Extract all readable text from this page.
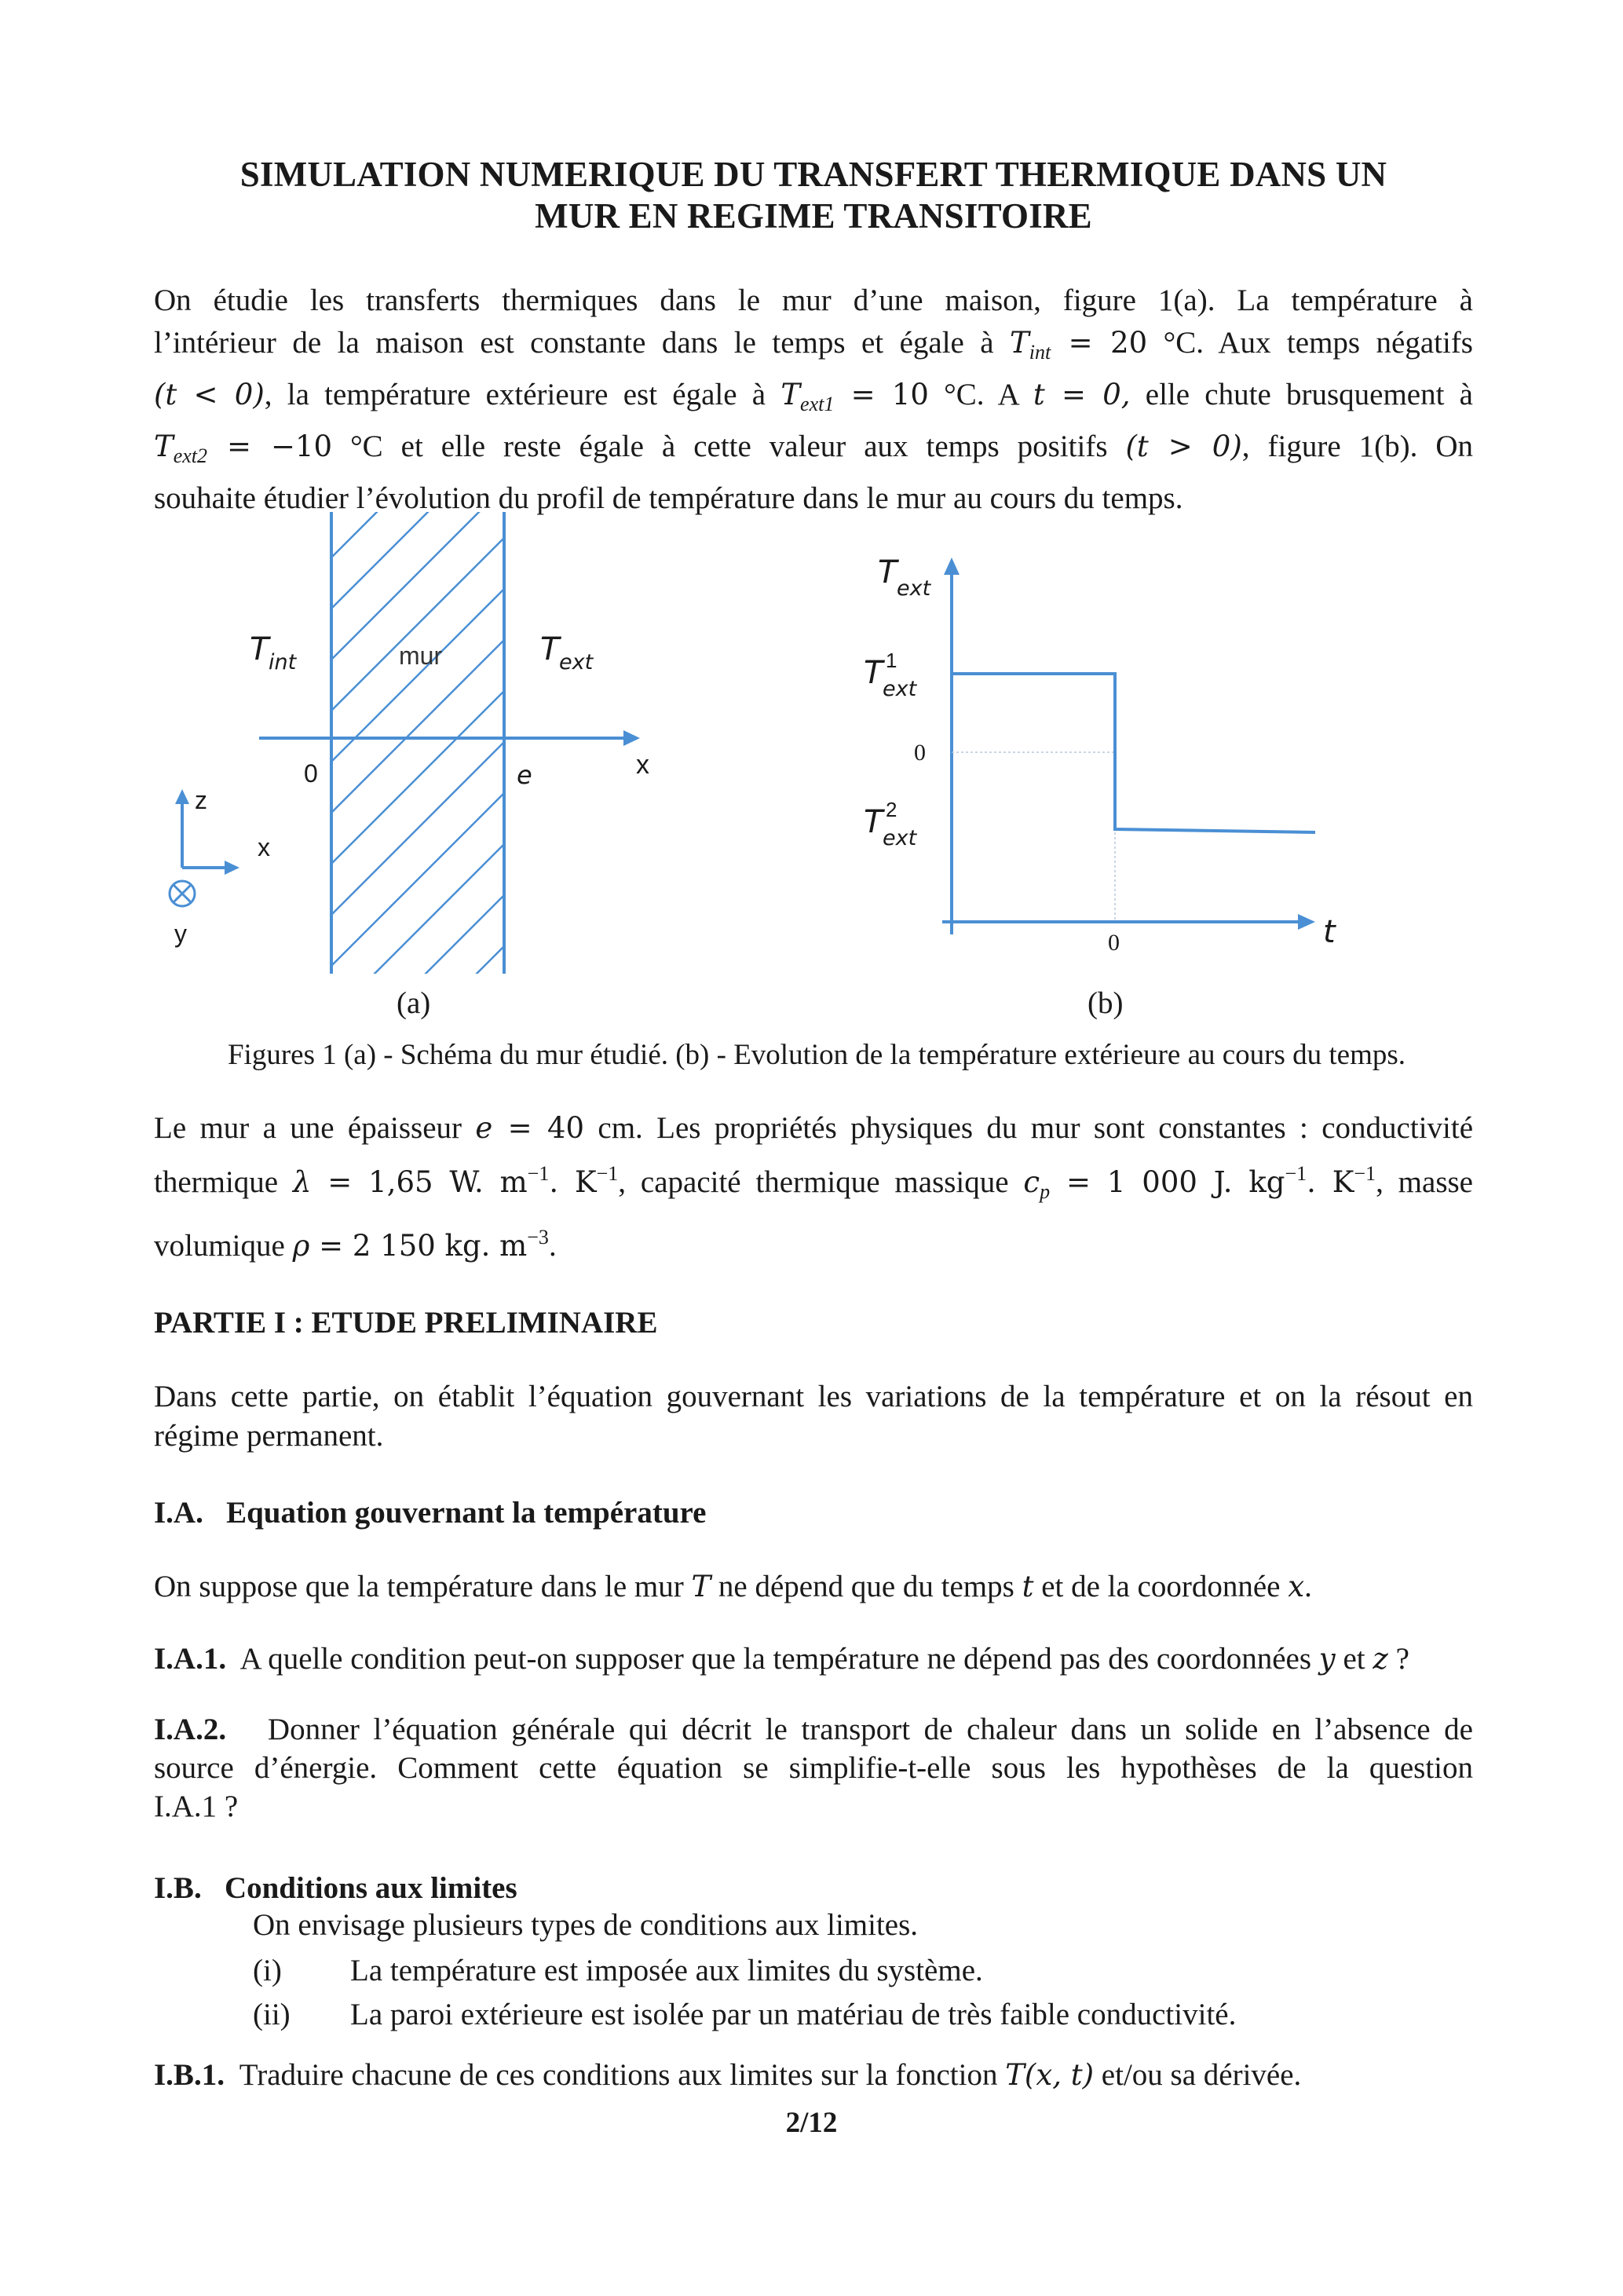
SIMULATION NUMERIQUE DU TRANSFERT THERMIQUE DANS UN
MUR EN REGIME TRANSITOIRE
On étudie les transferts thermiques dans le mur d’une maison, figure 1(a). La température à
l’intérieur de la maison est constante dans le temps et égale à $T_{int} = 20$ °C. Aux temps négatifs
(t < 0), la température extérieure est égale à $T_{ext1} = 10$ °C. A t = 0, elle chute brusquement à
$T_{ext2} = -10$ °C et elle reste égale à cette valeur aux temps positifs (t > 0), figure 1(b). On
souhaite étudier l’évolution du profil de température dans le mur au cours du temps.
T int	mur	T ext
0	e	x
z
x
y
(a)
T ext
T 1
ext
0
T 2
ext
0	t
(b)
Figures 1 (a) - Schéma du mur étudié. (b) - Evolution de la température extérieure au cours du temps.
Le mur a une épaisseur e = 40 cm. Les propriétés physiques du mur sont constantes : conductivité
thermique λ = 1,65 W. $m^{-1}$. $K^{-1}$, capacité thermique massique $c_p = 1$ 000 J. $kg^{-1}$. $K^{-1}$, masse
volumique ρ = 2 150 kg. $m^{-3}$.
PARTIE I : ETUDE PRELIMINAIRE
Dans cette partie, on établit l’équation gouvernant les variations de la température et on la résout en
régime permanent.
I.A.   Equation gouvernant la température
On suppose que la température dans le mur T ne dépend que du temps t et de la coordonnée x.
I.A.1.  A quelle condition peut-on supposer que la température ne dépend pas des coordonnées y et z ?
I.A.2.   Donner l’équation générale qui décrit le transport de chaleur dans un solide en l’absence de
source d’énergie. Comment cette équation se simplifie-t-elle sous les hypothèses de la question
I.A.1 ?
I.B.   Conditions aux limites
On envisage plusieurs types de conditions aux limites.
(i) La température est imposée aux limites du système.
(ii) La paroi extérieure est isolée par un matériau de très faible conductivité.
I.B.1.  Traduire chacune de ces conditions aux limites sur la fonction T(x, t) et/ou sa dérivée.
2/12
